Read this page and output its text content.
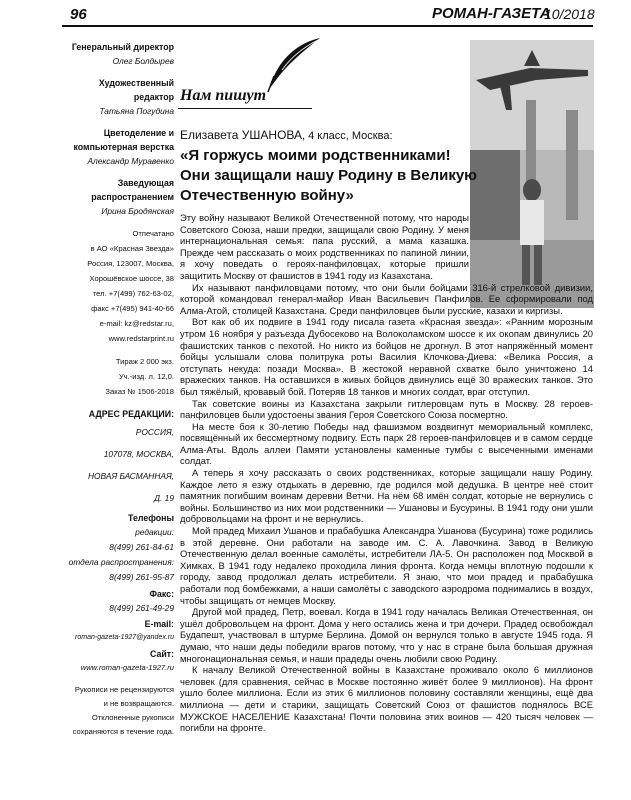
96	РОМАН-ГАЗЕТА
10/2018
Генеральный директор
Олег Болдырев
Художественный редактор
Татьяна Погудина
Цветоделение и компьютерная верстка
Александр Муравенко
Заведующая распространением
Ирина Бродянская
Отпечатано
в АО «Красная Звезда»
Россия, 123007, Москва,
Хорошёвское шоссе, 38
тел. +7(499) 762-63-02,
факс +7(495) 941-40-66
e-mail: kz@redstar.ru,
www.redstarprint.ru
Тираж 2 000 экз.
Уч.-изд. л. 12,0.
Заказ № 1506-2018
АДРЕС РЕДАКЦИИ:
РОССИЯ,
107078, МОСКВА,
НОВАЯ БАСМАННАЯ,
Д. 19
Телефоны
редакции:
8(499) 261-84-61
отдела распространения:
8(499) 261-95-87
Факс:
8(499) 261-49-29
E-mail:
roman-gazeta-1927@yandex.ru
Сайт:
www.roman-gazeta-1927.ru
Рукописи не рецензируются
и не возвращаются.
Отклоненные рукописи
сохраняются в течение года.
Нам пишут
Елизавета УШАНОВА, 4 класс, Москва:
«Я горжусь моими родственниками! Они защищали нашу Родину в Великую Отечественную войну»

Эту войну называют Великой Отечественной потому, что народы Советского Союза, наши предки, защищали свою Родину. У меня интернациональная семья: папа русский, а мама казашка. Прежде чем рассказать о моих родственниках по папиной линии, я хочу поведать о героях-панфиловцах, которые пришли защитить Москву от фашистов в 1941 году из Казахстана.

Их называют панфиловцами потому, что они были бойцами 316-й стрелковой дивизии, которой командовал генерал-майор Иван Васильевич Панфилов. Ее сформировали под Алма-Атой, столицей Казахстана. Среди панфиловцев были русские, казахи и киргизы.

Вот как об их подвиге в 1941 году писала газета «Красная звезда»: «Ранним морозным утром 16 ноября у разъезда Дубосеково на Волоколамском шоссе к их окопам двинулись 20 фашистских танков с пехотой. Но никто из бойцов не дрогнул. В этот напряжённый момент бойцы услышали слова политрука роты Василия Клочкова-Диева: «Велика Россия, а отступать некуда: позади Москва». В жестокой неравной схватке было уничтожено 14 вражеских танков. На оставшихся в живых бойцов двинулись ещё 30 вражеских танков. Это был тяжёлый, кровавый бой. Потеряв 18 танков и многих солдат, враг отступил.

Так советские воины из Казахстана закрыли гитлеровцам путь в Москву. 28 героев-панфиловцев были удостоены звания Героя Советского Союза посмертно.

На месте боя к 30-летию Победы над фашизмом воздвигнут мемориальный комплекс, посвящённый их бессмертному подвигу. Есть парк 28 героев-панфиловцев и в самом сердце Алма-Аты. Вдоль аллеи Памяти установлены каменные тумбы с высеченными именами солдат.

А теперь я хочу рассказать о своих родственниках, которые защищали нашу Родину. Каждое лето я езжу отдыхать в деревню, где родился мой дедушка. В центре неё стоит памятник погибшим воинам деревни Ветчи. На нём 68 имён солдат, которые не вернулись с войны. Большинство из них мои родственники — Ушановы и Бусурины. В 1941 году они ушли добровольцами на фронт и не вернулись.

Мой прадед Михаил Ушанов и прабабушка Александра Ушанова (Бусурина) тоже родились в этой деревне. Они работали на заводе им. С. А. Лавочкина. Завод в Великую Отечественную делал военные самолёты, истребители ЛА-5. Он расположен под Москвой в Химках. В 1941 году недалеко проходила линия фронта. Когда немцы вплотную подошли к городу, завод продолжал делать истребители. Я знаю, что мои прадед и прабабушка работали под бомбежками, а наши самолёты с заводского аэродрома поднимались в воздух, чтобы защищать от немцев Москву.

Другой мой прадед, Петр, воевал. Когда в 1941 году началась Великая Отечественная, он ушёл добровольцем на фронт. Дома у него остались жена и три дочери. Прадед освобождал Будапешт, участвовал в штурме Берлина. Домой он вернулся только в августе 1945 года. Я думаю, что наши деды победили врагов потому, что у нас в стране была большая дружная многонациональная семья, и наши прадеды очень любили свою Родину.

К началу Великой Отечественной войны в Казахстане проживало около 6 миллионов человек (для сравнения, сейчас в Москве постоянно живёт более 9 миллионов). На фронт ушло более миллиона. Если из этих 6 миллионов половину составляли женщины, ещё два миллиона — дети и старики, защищать Советский Союз от фашистов поднялось ВСЕ МУЖСКОЕ НАСЕЛЕНИЕ Казахстана! Почти половина этих воинов — 420 тысяч человек — погибли на фронте.
